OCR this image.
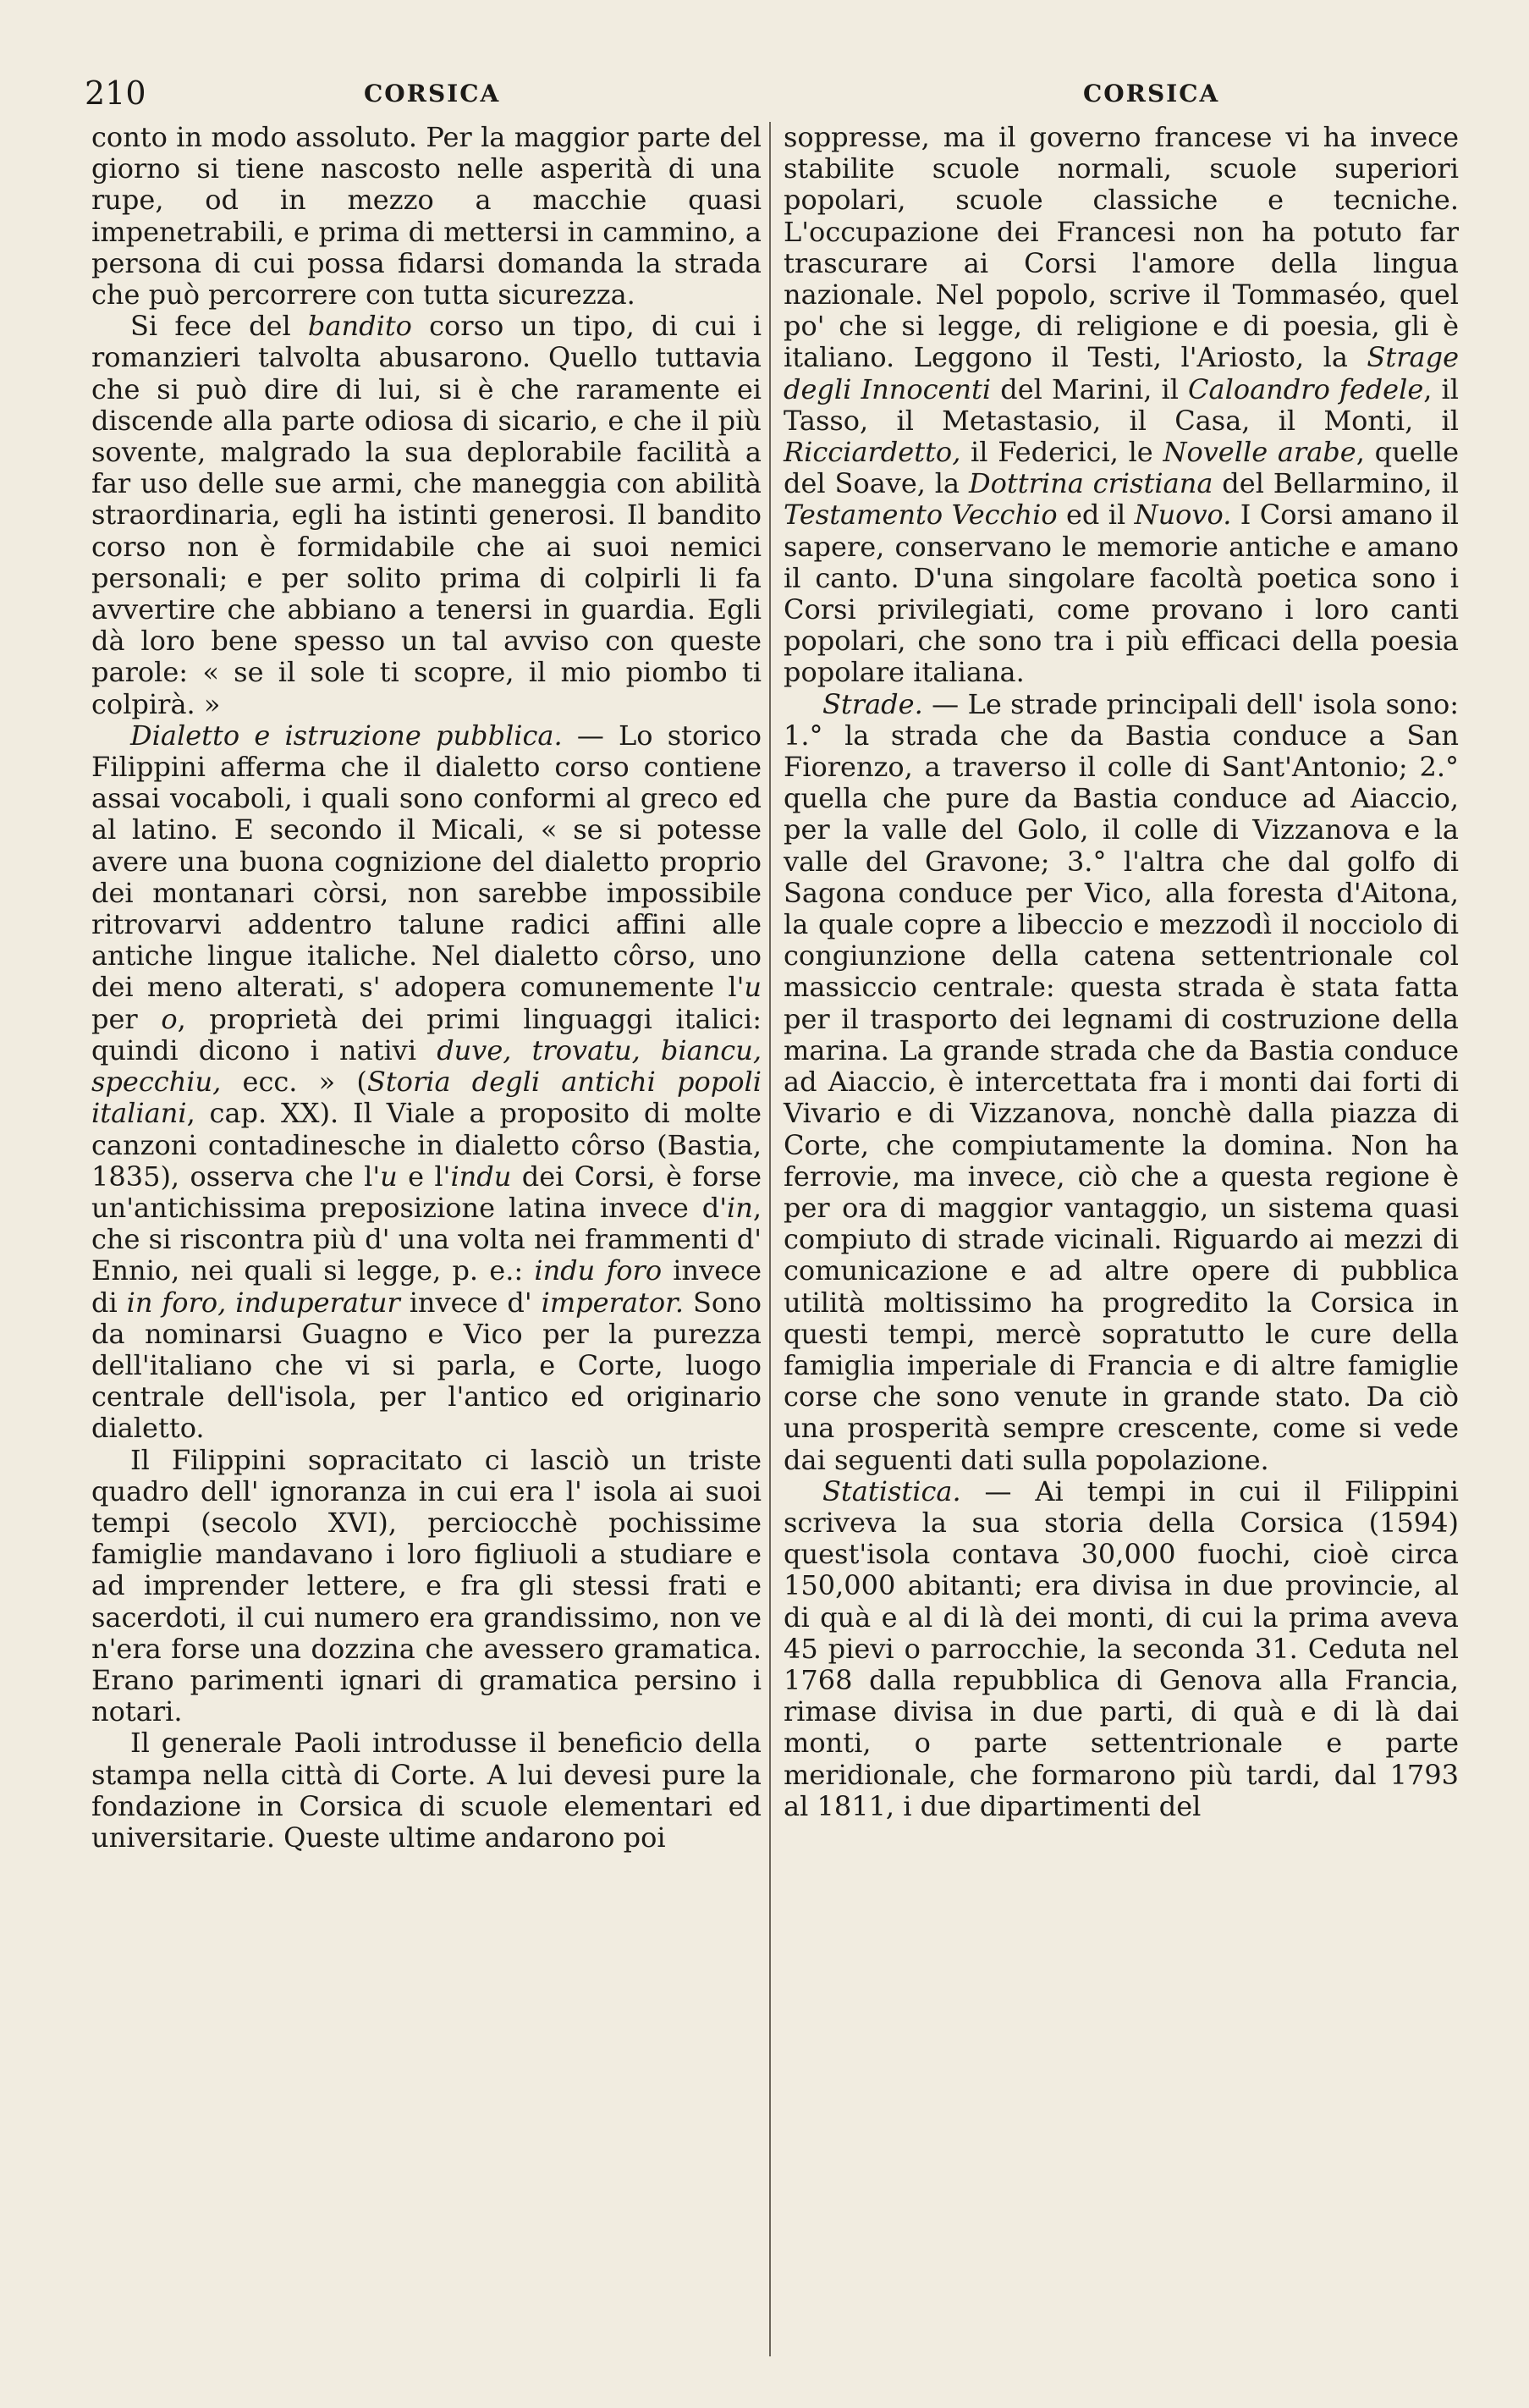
210	CORSICA	CORSICA

conto in modo assoluto. Per la maggior parte del giorno si tiene nascosto nelle asperità di una rupe, od in mezzo a macchie quasi impenetrabili, e prima di mettersi in cammino, a persona di cui possa fidarsi domanda la strada che può percorrere con tutta sicurezza.

Si fece del bandito corso un tipo, di cui i romanzieri talvolta abusarono. Quello tuttavia che si può dire di lui, si è che raramente ei discende alla parte odiosa di sicario, e che il più sovente, malgrado la sua deplorabile facilità a far uso delle sue armi, che maneggia con abilità straordinaria, egli ha istinti generosi. Il bandito corso non è formidabile che ai suoi nemici personali; e per solito prima di colpirli li fa avvertire che abbiano a tenersi in guardia. Egli dà loro bene spesso un tal avviso con queste parole: « se il sole ti scopre, il mio piombo ti colpirà. »

Dialetto e istruzione pubblica. — Lo storico Filippini afferma che il dialetto corso contiene assai vocaboli, i quali sono conformi al greco ed al latino. E secondo il Micali, « se si potesse avere una buona cognizione del dialetto proprio dei montanari còrsi, non sarebbe impossibile ritrovarvi addentro talune radici affini alle antiche lingue italiche. Nel dialetto côrso, uno dei meno alterati, s' adopera comunemente l'u per o, proprietà dei primi linguaggi italici: quindi dicono i nativi duve, trovatu, biancu, specchiu, ecc. » (Storia degli antichi popoli italiani, cap. XX). Il Viale a proposito di molte canzoni contadinesche in dialetto côrso (Bastia, 1835), osserva che l'u e l'indu dei Corsi, è forse un'antichissima preposizione latina invece d'in, che si riscontra più d' una volta nei frammenti d' Ennio, nei quali si legge, p. e.: indu foro invece di in foro, induperatur invece d' imperator. Sono da nominarsi Guagno e Vico per la purezza dell'italiano che vi si parla, e Corte, luogo centrale dell'isola, per l'antico ed originario dialetto.

Il Filippini sopracitato ci lasciò un triste quadro dell' ignoranza in cui era l' isola ai suoi tempi (secolo XVI), perciocchè pochissime famiglie mandavano i loro figliuoli a studiare e ad imprender lettere, e fra gli stessi frati e sacerdoti, il cui numero era grandissimo, non ve n'era forse una dozzina che avessero gramatica. Erano parimenti ignari di gramatica persino i notari.

Il generale Paoli introdusse il beneficio della stampa nella città di Corte. A lui devesi pure la fondazione in Corsica di scuole elementari ed universitarie. Queste ultime andarono poi

soppresse, ma il governo francese vi ha invece stabilite scuole normali, scuole superiori popolari, scuole classiche e tecniche. L'occupazione dei Francesi non ha potuto far trascurare ai Corsi l'amore della lingua nazionale. Nel popolo, scrive il Tommaséo, quel po' che si legge, di religione e di poesia, gli è italiano. Leggono il Testi, l'Ariosto, la Strage degli Innocenti del Marini, il Caloandro fedele, il Tasso, il Metastasio, il Casa, il Monti, il Ricciardetto, il Federici, le Novelle arabe, quelle del Soave, la Dottrina cristiana del Bellarmino, il Testamento Vecchio ed il Nuovo. I Corsi amano il sapere, conservano le memorie antiche e amano il canto. D'una singolare facoltà poetica sono i Corsi privilegiati, come provano i loro canti popolari, che sono tra i più efficaci della poesia popolare italiana.

Strade. — Le strade principali dell' isola sono: 1.° la strada che da Bastia conduce a San Fiorenzo, a traverso il colle di Sant'Antonio; 2.° quella che pure da Bastia conduce ad Aiaccio, per la valle del Golo, il colle di Vizzanova e la valle del Gravone; 3.° l'altra che dal golfo di Sagona conduce per Vico, alla foresta d'Aitona, la quale copre a libeccio e mezzodì il nocciolo di congiunzione della catena settentrionale col massiccio centrale: questa strada è stata fatta per il trasporto dei legnami di costruzione della marina. La grande strada che da Bastia conduce ad Aiaccio, è intercettata fra i monti dai forti di Vivario e di Vizzanova, nonchè dalla piazza di Corte, che compiutamente la domina. Non ha ferrovie, ma invece, ciò che a questa regione è per ora di maggior vantaggio, un sistema quasi compiuto di strade vicinali. Riguardo ai mezzi di comunicazione e ad altre opere di pubblica utilità moltissimo ha progredito la Corsica in questi tempi, mercè sopratutto le cure della famiglia imperiale di Francia e di altre famiglie corse che sono venute in grande stato. Da ciò una prosperità sempre crescente, come si vede dai seguenti dati sulla popolazione.

Statistica. — Ai tempi in cui il Filippini scriveva la sua storia della Corsica (1594) quest'isola contava 30,000 fuochi, cioè circa 150,000 abitanti; era divisa in due provincie, al di quà e al di là dei monti, di cui la prima aveva 45 pievi o parrocchie, la seconda 31. Ceduta nel 1768 dalla repubblica di Genova alla Francia, rimase divisa in due parti, di quà e di là dai monti, o parte settentrionale e parte meridionale, che formarono più tardi, dal 1793 al 1811, i due dipartimenti del
